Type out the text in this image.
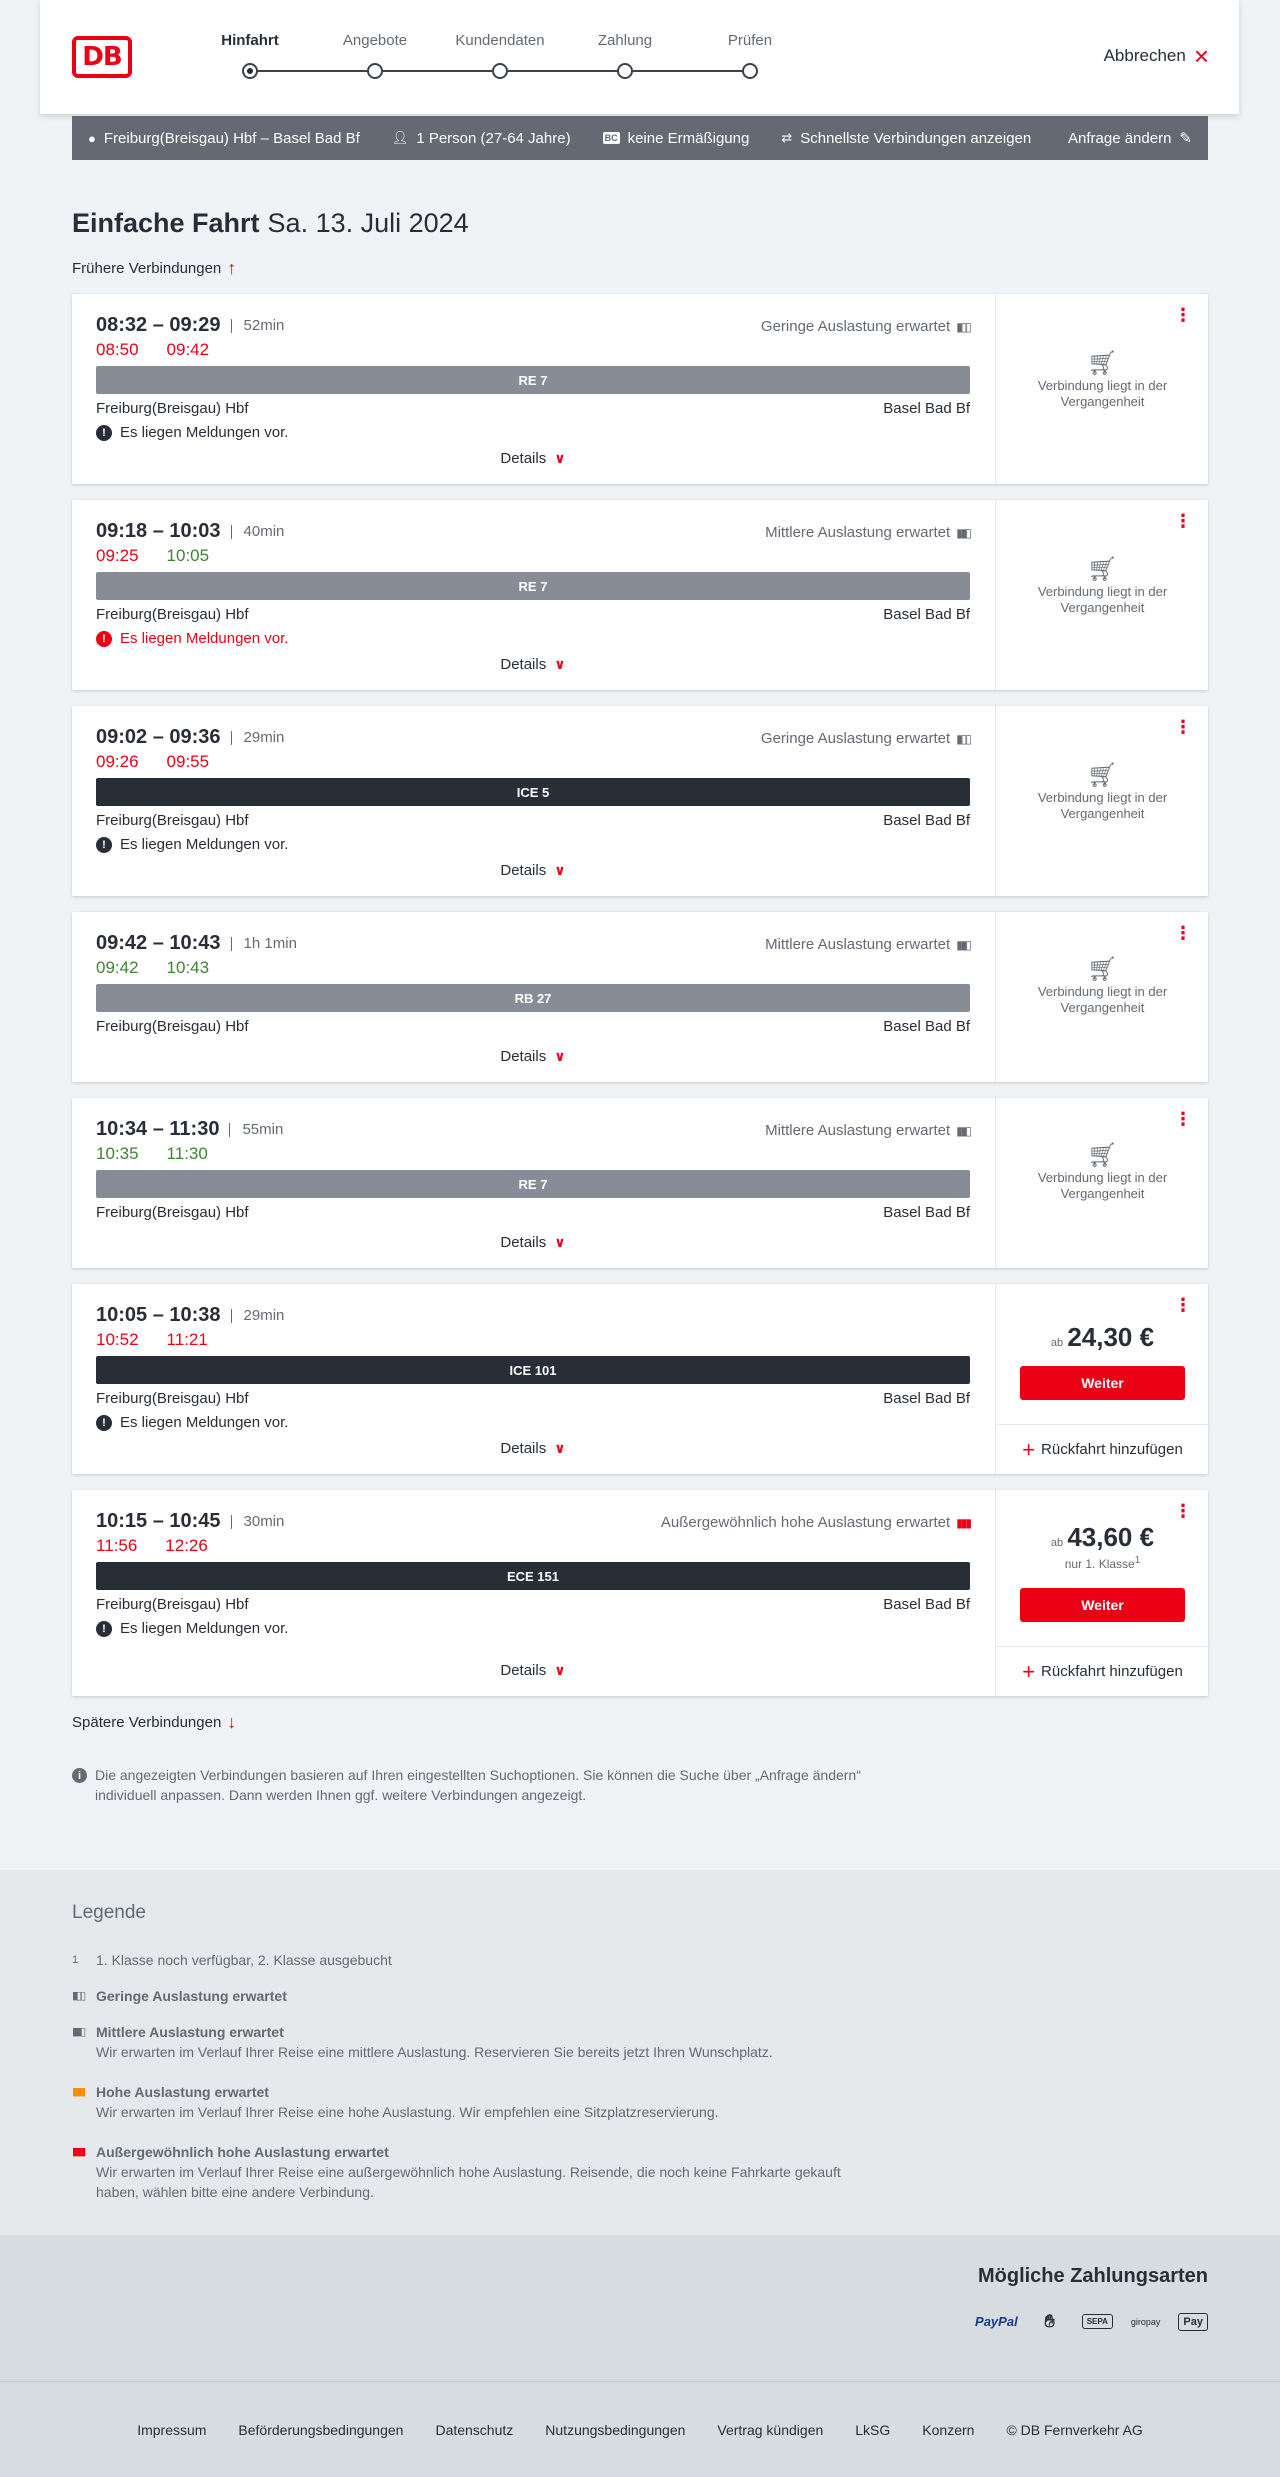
DB
Hinfahrt	Angebote	Kundendaten	Zahlung	Prüfen
Abbrechen ×
● Freiburg(Breisgau) Hbf – Basel Bad Bf 👤︎ 1 Person (27-64 Jahre)	BC keine Ermäßigung ⇄ Schnellste Verbindungen anzeigen Anfrage ändern ✎
Einfache Fahrt Sa. 13. Juli 2024
Frühere Verbindungen ↑
08:32 – 09:29	52min
08:50 09:42
Geringe Auslastung erwartet ▮▯▯
RE 7
Freiburg(Breisgau) Hbf	Basel Bad Bf
! Es liegen Meldungen vor.
Details ∨
⋮
🛒︎
Verbindung liegt in der Vergangenheit
09:18 – 10:03	40min
09:25 10:05
Mittlere Auslastung erwartet ▮▮▯
RE 7
Freiburg(Breisgau) Hbf	Basel Bad Bf
! Es liegen Meldungen vor.
Details ∨
⋮
🛒︎
Verbindung liegt in der Vergangenheit
09:02 – 09:36	29min
09:26 09:55
Geringe Auslastung erwartet ▮▯▯
ICE 5
Freiburg(Breisgau) Hbf	Basel Bad Bf
! Es liegen Meldungen vor.
Details ∨
⋮
🛒︎
Verbindung liegt in der Vergangenheit
09:42 – 10:43	1h 1min
09:42 10:43
Mittlere Auslastung erwartet ▮▮▯
RB 27
Freiburg(Breisgau) Hbf	Basel Bad Bf
Details ∨
⋮
🛒︎
Verbindung liegt in der Vergangenheit
10:34 – 11:30	55min
10:35 11:30
Mittlere Auslastung erwartet ▮▮▯
RE 7
Freiburg(Breisgau) Hbf	Basel Bad Bf
Details ∨
⋮
🛒︎
Verbindung liegt in der Vergangenheit
10:05 – 10:38	29min
10:52 11:21
ICE 101
Freiburg(Breisgau) Hbf	Basel Bad Bf
! Es liegen Meldungen vor.
Details ∨
⋮
ab 24,30 €
Weiter
+ Rückfahrt hinzufügen
10:15 – 10:45	30min
11:56 12:26
Außergewöhnlich hohe Auslastung erwartet ▮▮▮
ECE 151
Freiburg(Breisgau) Hbf	Basel Bad Bf
! Es liegen Meldungen vor.
Details ∨
⋮
ab 43,60 €
nur 1. Klasse$^1$
Weiter
+ Rückfahrt hinzufügen
Spätere Verbindungen ↓
i Die angezeigten Verbindungen basieren auf Ihren eingestellten Suchoptionen. Sie können die Suche über „Anfrage ändern“ individuell anpassen. Dann werden Ihnen ggf. weitere Verbindungen angezeigt.
Legende
1	1. Klasse noch verfügbar, 2. Klasse ausgebucht
▮▯▯ Geringe Auslastung erwartet
▮▮▯ Mittlere Auslastung erwartet
Wir erwarten im Verlauf Ihrer Reise eine mittlere Auslastung. Reservieren Sie bereits jetzt Ihren Wunschplatz.
▮▮▮ Hohe Auslastung erwartet
Wir erwarten im Verlauf Ihrer Reise eine hohe Auslastung. Wir empfehlen eine Sitzplatzreservierung.
▮▮▮ Außergewöhnlich hohe Auslastung erwartet
Wir erwarten im Verlauf Ihrer Reise eine außergewöhnlich hohe Auslastung. Reisende, die noch keine Fahrkarte gekauft haben, wählen bitte eine andere Verbindung.
Mögliche Zahlungsarten
PayPal	✋︎	SEPA	giropay	Pay
Impressum Beförderungsbedingungen Datenschutz Nutzungsbedingungen Vertrag kündigen LkSG Konzern © DB Fernverkehr AG
